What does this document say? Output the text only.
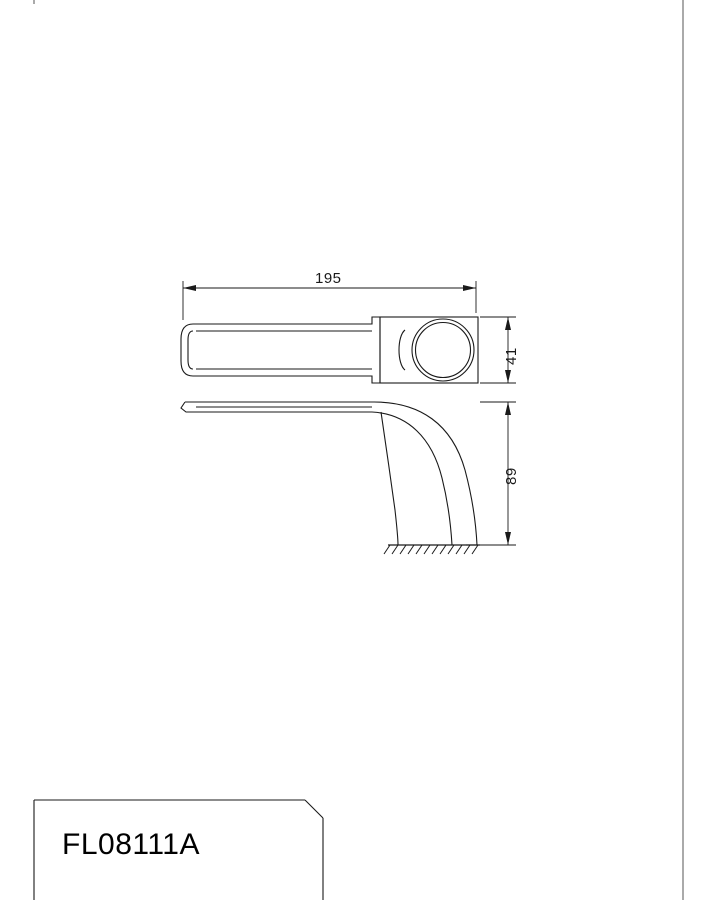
195
41
89
FL08111A
